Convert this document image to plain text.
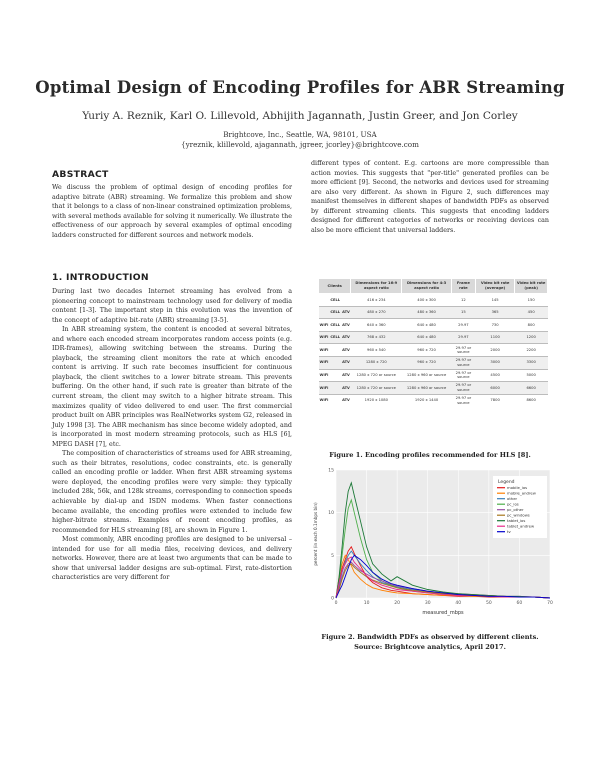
Optimal Design of Encoding Profiles for ABR Streaming
Yuriy A. Reznik, Karl O. Lillevold, Abhijith Jagannath, Justin Greer, and Jon Corley
Brightcove, Inc., Seattle, WA, 98101, USA
{yreznik, klillevold, ajagannath, jgreer, jcorley}@brightcove.com
ABSTRACT

We discuss the problem of optimal design of encoding profiles for adaptive bitrate (ABR) streaming. We formalize this problem and show that it belongs to a class of non-linear constrained optimization problems, with several methods available for solving it numerically. We illustrate the effectiveness of our approach by several examples of optimal encoding ladders constructed for different sources and network models.

1. INTRODUCTION

During last two decades Internet streaming has evolved from a pioneering concept to mainstream technology used for delivery of media content [1-3]. The important step in this evolution was the invention of the concept of adaptive bit-rate (ABR) streaming [3-5].

In ABR streaming system, the content is encoded at several bitrates, and where each encoded stream incorporates random access points (e.g. IDR-frames), allowing switching between the streams. During the playback, the streaming client monitors the rate at which encoded content is arriving. If such rate becomes insufficient for continuous playback, the client switches to a lower bitrate stream. This prevents buffering. On the other hand, if such rate is greater than bitrate of the current stream, the client may switch to a higher bitrate stream. This maximizes quality of video delivered to end user. The first commercial product built on ABR principles was RealNetworks system G2, released in July 1998 [3]. The ABR mechanism has since become widely adopted, and is incorporated in most modern streaming protocols, such as HLS [6], MPEG DASH [7], etc.

The composition of characteristics of streams used for ABR streaming, such as their bitrates, resolutions, codec constraints, etc. is generally called an encoding profile or ladder. When first ABR streaming systems were deployed, the encoding profiles were very simple: they typically included 28k, 56k, and 128k streams, corresponding to connection speeds achievable by dial-up and ISDN modems. When faster connections became available, the encoding profiles were extended to include few higher-bitrate streams. Examples of recent encoding profiles, as recommended for HLS streaming [8], are shown in Figure 1.

Most commonly, ABR encoding profiles are designed to be universal – intended for use for all media files, receiving devices, and delivery networks. However, there are at least two arguments that can be made to show that universal ladder designs are sub-optimal. First, rate-distortion characteristics are very different for

different types of content. E.g. cartoons are more compressible than action movies. This suggests that "per-title" generated profiles can be more efficient [9]. Second, the networks and devices used for streaming are also very different. As shown in Figure 2, such differences may manifest themselves in different shapes of bandwidth PDFs as observed by different streaming clients. This suggests that encoding ladders designed for different categories of networks or receiving devices can also be more efficient that universal ladders.

Clients			Dimensions for 16:9 aspect ratio	Dimensions for 4:3 aspect ratio	Frame rate	Video bit rate (average)	Video bit rate (peak)
	CELL		416 x 234	400 x 300	12	145	150
	CELL	ATV	480 x 270	480 x 360	15	365	450
WiFi	CELL	ATV	640 x 360	640 x 480	29.97	730	800
WiFi	CELL	ATV	768 x 432	640 x 480	29.97	1100	1200
WiFi		ATV	960 x 540	960 x 720	29.97 or source	2000	2200
WiFi		ATV	1280 x 720	960 x 720	29.97 or source	3000	3300
WiFi		ATV	1280 x 720 or source	1280 x 960 or source	29.97 or source	4500	5000
WiFi		ATV	1280 x 720 or source	1280 x 960 or source	29.97 or source	6000	6600
WiFi		ATV	1920 x 1080	1920 x 1440	29.97 or source	7800	8600
Figure 1. Encoding profiles recommended for HLS [8].
0	10	20	30	40	50	60	70
0
5
10
15
measured_mbps
percent (in each 0.1mbps bin)
Legend
mobile_ios
mobile_andrew
other
pc_ios
pc_other
pc_windows
tablet_ios
tablet_andrew
tv
Figure 2. Bandwidth PDFs as observed by different clients.
Source: Brightcove analytics, April 2017.
